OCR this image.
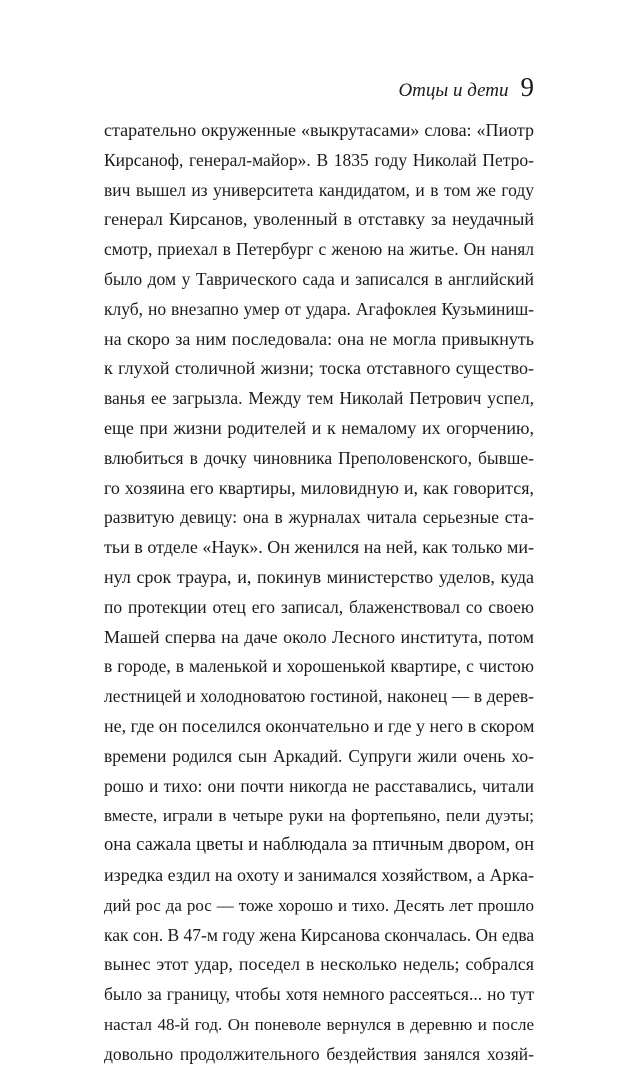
Отцы и дети 9
старательно окруженные «выкрутасами» слова: «Пиотр
Кирсаноф, генерал-майор». В 1835 году Николай Петро-
вич вышел из университета кандидатом, и в том же году
генерал Кирсанов, уволенный в отставку за неудачный
смотр, приехал в Петербург с женою на житье. Он нанял
было дом у Таврического сада и записался в английский
клуб, но внезапно умер от удара. Агафоклея Кузьминиш-
на скоро за ним последовала: она не могла привыкнуть
к глухой столичной жизни; тоска отставного существо-
ванья ее загрызла. Между тем Николай Петрович успел,
еще при жизни родителей и к немалому их огорчению,
влюбиться в дочку чиновника Преполовенского, бывше-
го хозяина его квартиры, миловидную и, как говорится,
развитую девицу: она в журналах читала серьезные ста-
тьи в отделе «Наук». Он женился на ней, как только ми-
нул срок траура, и, покинув министерство уделов, куда
по протекции отец его записал, блаженствовал со своею
Машей сперва на даче около Лесного института, потом
в городе, в маленькой и хорошенькой квартире, с чистою
лестницей и холодноватою гостиной, наконец — в дерев-
не, где он поселился окончательно и где у него в скором
времени родился сын Аркадий. Супруги жили очень хо-
рошо и тихо: они почти никогда не расставались, читали
вместе, играли в четыре руки на фортепьяно, пели дуэты;
она сажала цветы и наблюдала за птичным двором, он
изредка ездил на охоту и занимался хозяйством, а Арка-
дий рос да рос — тоже хорошо и тихо. Десять лет прошло
как сон. В 47-м году жена Кирсанова скончалась. Он едва
вынес этот удар, поседел в несколько недель; собрался
было за границу, чтобы хотя немного рассеяться... но тут
настал 48-й год. Он поневоле вернулся в деревню и после
довольно продолжительного бездействия занялся хозяй-
